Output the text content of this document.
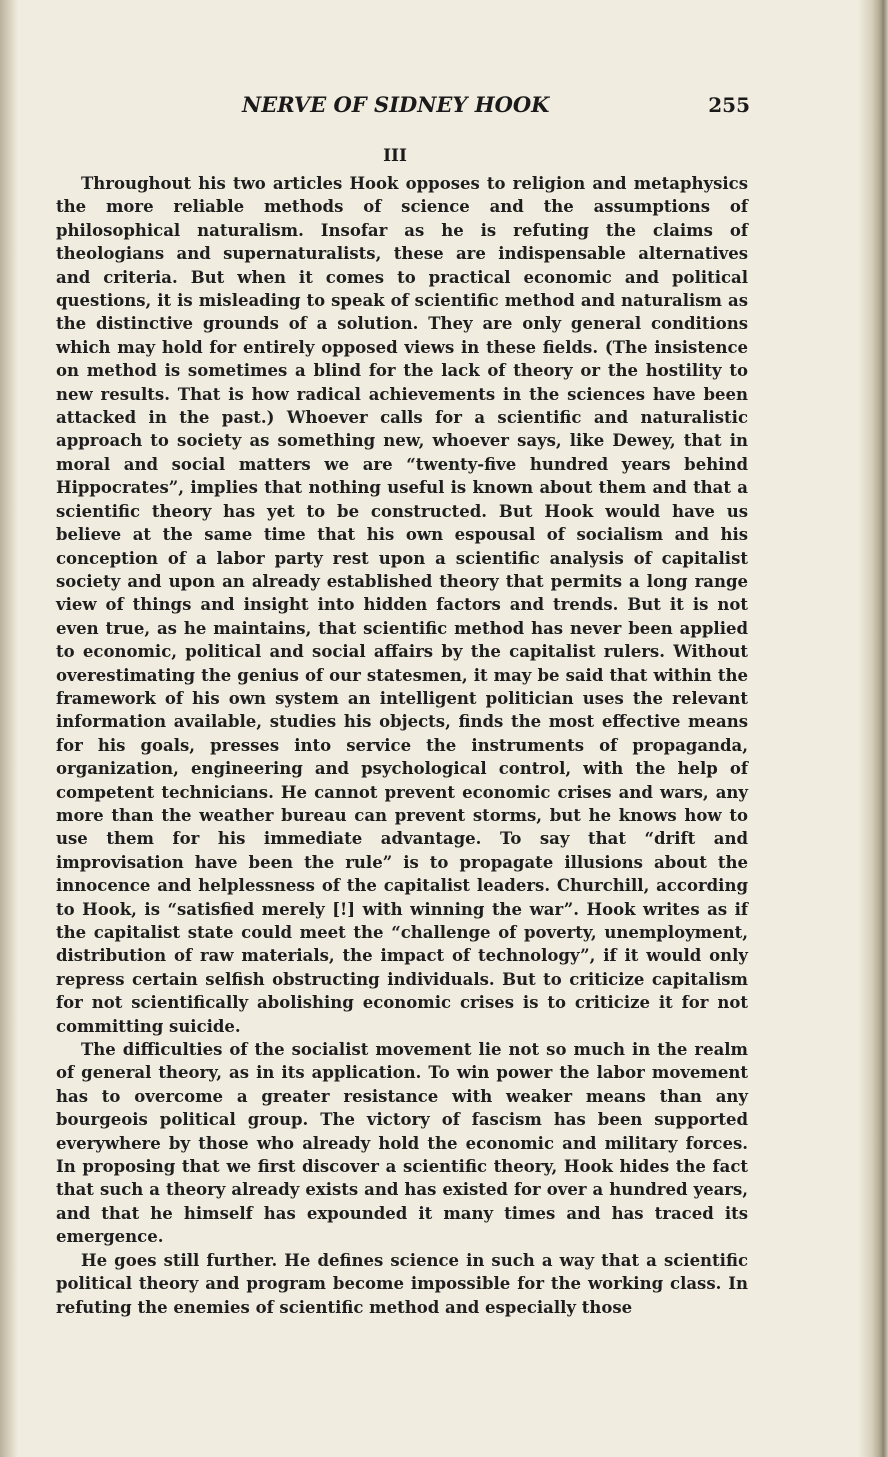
NERVE OF SIDNEY HOOK	255
III

Throughout his two articles Hook opposes to religion and metaphysics the more reliable methods of science and the assumptions of philosophical naturalism. Insofar as he is refuting the claims of theologians and supernaturalists, these are indispensable alternatives and criteria. But when it comes to practical economic and political questions, it is misleading to speak of scientific method and naturalism as the distinctive grounds of a solution. They are only general conditions which may hold for entirely opposed views in these fields. (The insistence on method is sometimes a blind for the lack of theory or the hostility to new results. That is how radical achievements in the sciences have been attacked in the past.) Whoever calls for a scientific and naturalistic approach to society as something new, whoever says, like Dewey, that in moral and social matters we are “twenty-five hundred years behind Hippocrates”, implies that nothing useful is known about them and that a scientific theory has yet to be constructed. But Hook would have us believe at the same time that his own espousal of socialism and his conception of a labor party rest upon a scientific analysis of capitalist society and upon an already established theory that permits a long range view of things and insight into hidden factors and trends. But it is not even true, as he maintains, that scientific method has never been applied to economic, political and social affairs by the capitalist rulers. Without overestimating the genius of our statesmen, it may be said that within the framework of his own system an intelligent politician uses the relevant information available, studies his objects, finds the most effective means for his goals, presses into service the instruments of propaganda, organization, engineering and psychological control, with the help of competent technicians. He cannot prevent economic crises and wars, any more than the weather bureau can prevent storms, but he knows how to use them for his immediate advantage. To say that “drift and improvisation have been the rule” is to propagate illusions about the innocence and helplessness of the capitalist leaders. Churchill, according to Hook, is “satisfied merely [!] with winning the war”. Hook writes as if the capitalist state could meet the “challenge of poverty, unemployment, distribution of raw materials, the impact of technology”, if it would only repress certain selfish obstructing individuals. But to criticize capitalism for not scientifically abolishing economic crises is to criticize it for not committing suicide.

The difficulties of the socialist movement lie not so much in the realm of general theory, as in its application. To win power the labor movement has to overcome a greater resistance with weaker means than any bourgeois political group. The victory of fascism has been supported everywhere by those who already hold the economic and military forces. In proposing that we first discover a scientific theory, Hook hides the fact that such a theory already exists and has existed for over a hundred years, and that he himself has expounded it many times and has traced its emergence.

He goes still further. He defines science in such a way that a scientific political theory and program become impossible for the working class. In refuting the enemies of scientific method and especially those
